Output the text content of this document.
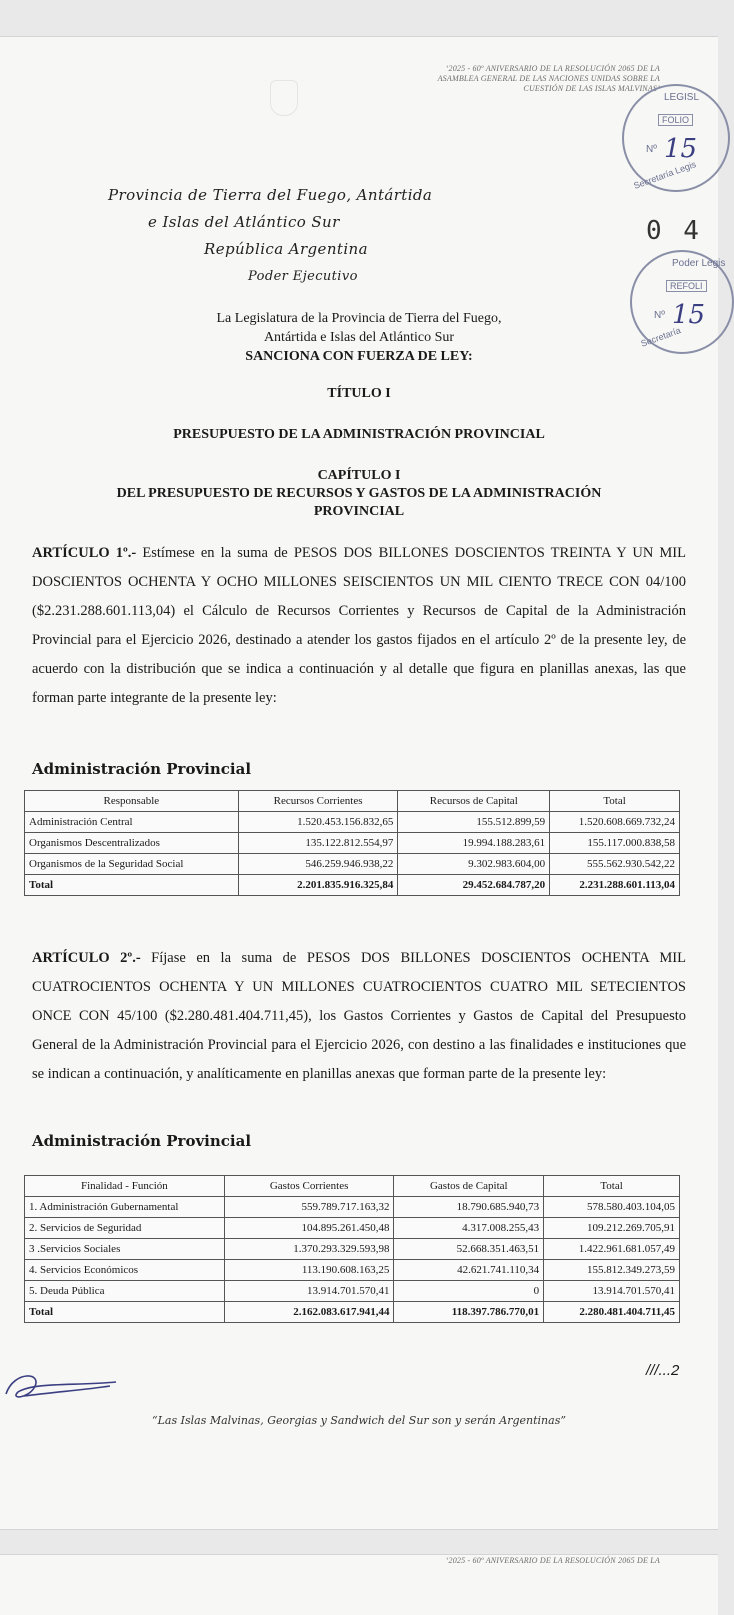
‘2025 - 60º ANIVERSARIO DE LA RESOLUCIÓN 2065 DE LA
ASAMBLEA GENERAL DE LAS NACIONES UNIDAS SOBRE LA
CUESTIÓN DE LAS ISLAS MALVINAS’
‘2025 - 60º ANIVERSARIO DE LA RESOLUCIÓN 2065 DE LA
Provincia de Tierra del Fuego, Antártida
e Islas del Atlántico Sur
República Argentina
Poder Ejecutivo
LEGISL
FOLIO
Nº 15
Secretaría Legis
0 4
Poder Legis
REFOLI
Nº 15
Secretaría
La Legislatura de la Provincia de Tierra del Fuego,
Antártida e Islas del Atlántico Sur
SANCIONA CON FUERZA DE LEY:
TÍTULO I
PRESUPUESTO DE LA ADMINISTRACIÓN PROVINCIAL
CAPÍTULO I
DEL PRESUPUESTO DE RECURSOS Y GASTOS DE LA ADMINISTRACIÓN
PROVINCIAL
ARTÍCULO 1º.- Estímese en la suma de PESOS DOS BILLONES DOSCIENTOS TREINTA Y UN MIL DOSCIENTOS OCHENTA Y OCHO MILLONES SEISCIENTOS UN MIL CIENTO TRECE CON 04/100 ($2.231.288.601.113,04) el Cálculo de Recursos Corrientes y Recursos de Capital de la Administración Provincial para el Ejercicio 2026, destinado a atender los gastos fijados en el artículo 2º de la presente ley, de acuerdo con la distribución que se indica a continuación y al detalle que figura en planillas anexas, las que forman parte integrante de la presente ley:
Administración Provincial
Responsable	Recursos Corrientes	Recursos de Capital	Total
Administración Central	1.520.453.156.832,65	155.512.899,59	1.520.608.669.732,24
Organismos Descentralizados	135.122.812.554,97	19.994.188.283,61	155.117.000.838,58
Organismos de la Seguridad Social	546.259.946.938,22	9.302.983.604,00	555.562.930.542,22
Total	2.201.835.916.325,84	29.452.684.787,20	2.231.288.601.113,04
ARTÍCULO 2º.- Fíjase en la suma de PESOS DOS BILLONES DOSCIENTOS OCHENTA MIL CUATROCIENTOS OCHENTA Y UN MILLONES CUATROCIENTOS CUATRO MIL SETECIENTOS ONCE CON 45/100 ($2.280.481.404.711,45), los Gastos Corrientes y Gastos de Capital del Presupuesto General de la Administración Provincial para el Ejercicio 2026, con destino a las finalidades e instituciones que se indican a continuación, y analíticamente en planillas anexas que forman parte de la presente ley:
Administración Provincial
Finalidad - Función	Gastos Corrientes	Gastos de Capital	Total
1. Administración Gubernamental	559.789.717.163,32	18.790.685.940,73	578.580.403.104,05
2. Servicios de Seguridad	104.895.261.450,48	4.317.008.255,43	109.212.269.705,91
3 .Servicios Sociales	1.370.293.329.593,98	52.668.351.463,51	1.422.961.681.057,49
4. Servicios Económicos	113.190.608.163,25	42.621.741.110,34	155.812.349.273,59
5. Deuda Pública	13.914.701.570,41	0	13.914.701.570,41
Total	2.162.083.617.941,44	118.397.786.770,01	2.280.481.404.711,45
///...2
“Las Islas Malvinas, Georgias y Sandwich del Sur son y serán Argentinas”
